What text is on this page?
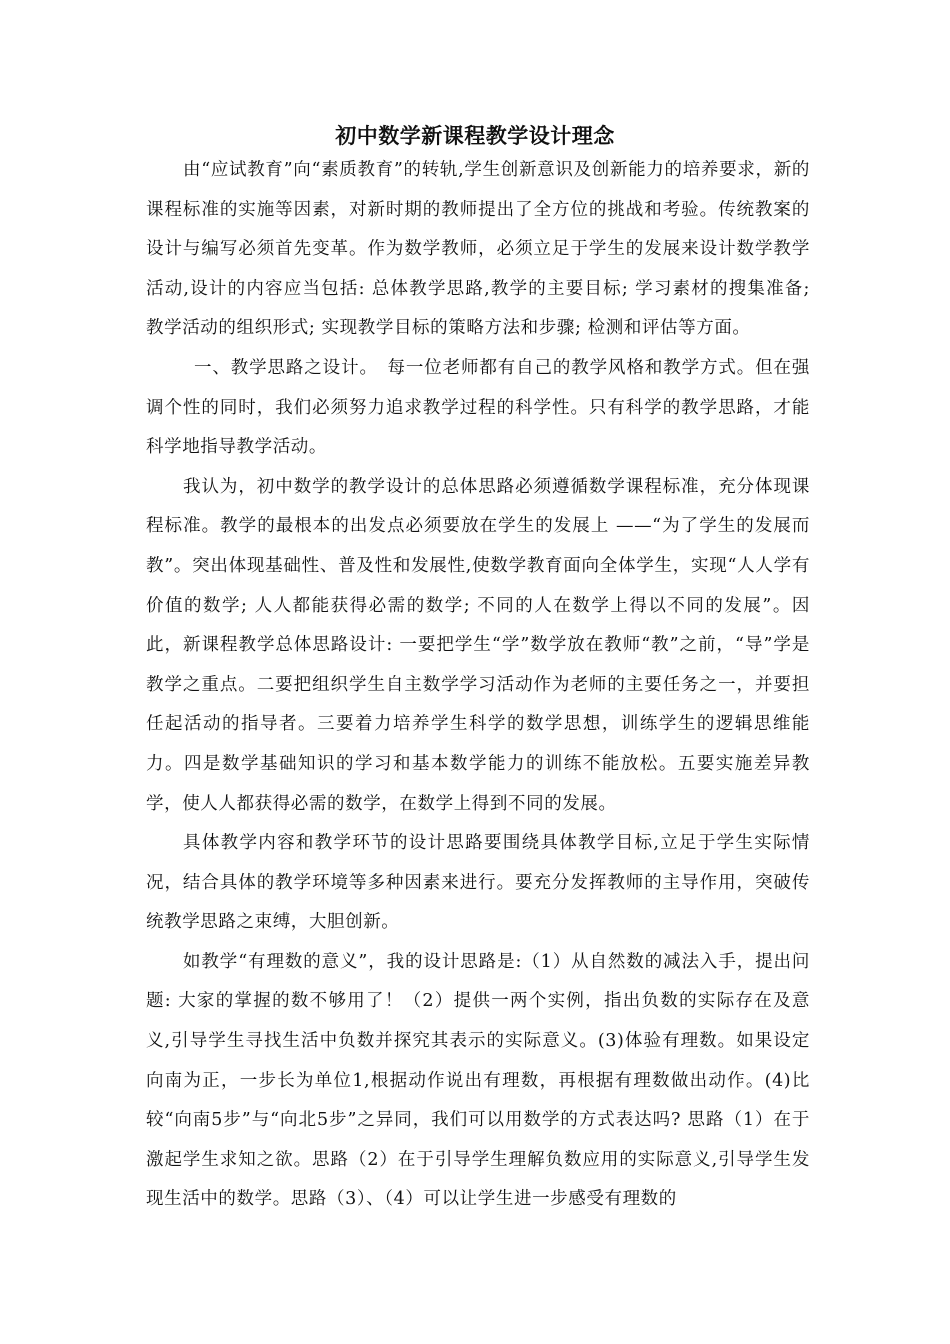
初中数学新课程教学设计理念

由“应试教育”向“素质教育”的转轨,学生创新意识及创新能力的培养要求，新的课程标准的实施等因素，对新时期的教师提出了全方位的挑战和考验。传统教案的设计与编写必须首先变革。作为数学教师，必须立足于学生的发展来设计数学教学活动,设计的内容应当包括: 总体教学思路,教学的主要目标; 学习素材的搜集准备; 教学活动的组织形式; 实现教学目标的策略方法和步骤; 检测和评估等方面。

一、教学思路之设计。　每一位老师都有自己的教学风格和教学方式。但在强调个性的同时，我们必须努力追求教学过程的科学性。只有科学的教学思路，才能科学地指导教学活动。

我认为，初中数学的教学设计的总体思路必须遵循数学课程标准，充分体现课程标准。教学的最根本的出发点必须要放在学生的发展上 ——“为了学生的发展而教”。突出体现基础性、普及性和发展性,使数学教育面向全体学生，实现“人人学有价值的数学; 人人都能获得必需的数学; 不同的人在数学上得以不同的发展”。因此，新课程教学总体思路设计: 一要把学生“学”数学放在教师“教”之前，“导”学是教学之重点。二要把组织学生自主数学学习活动作为老师的主要任务之一，并要担任起活动的指导者。三要着力培养学生科学的数学思想，训练学生的逻辑思维能力。四是数学基础知识的学习和基本数学能力的训练不能放松。五要实施差异教学，使人人都获得必需的数学，在数学上得到不同的发展。

具体教学内容和教学环节的设计思路要围绕具体教学目标,立足于学生实际情况，结合具体的教学环境等多种因素来进行。要充分发挥教师的主导作用，突破传统教学思路之束缚，大胆创新。

如教学“有理数的意义”，我的设计思路是:（1）从自然数的减法入手，提出问题: 大家的掌握的数不够用了！（2）提供一两个实例，指出负数的实际存在及意义,引导学生寻找生活中负数并探究其表示的实际意义。(3)体验有理数。如果设定向南为正，一步长为单位1,根据动作说出有理数，再根据有理数做出动作。(4)比较“向南5步”与“向北5步”之异同，我们可以用数学的方式表达吗? 思路（1）在于激起学生求知之欲。思路（2）在于引导学生理解负数应用的实际意义,引导学生发现生活中的数学。思路（3）、（4）可以让学生进一步感受有理数的
